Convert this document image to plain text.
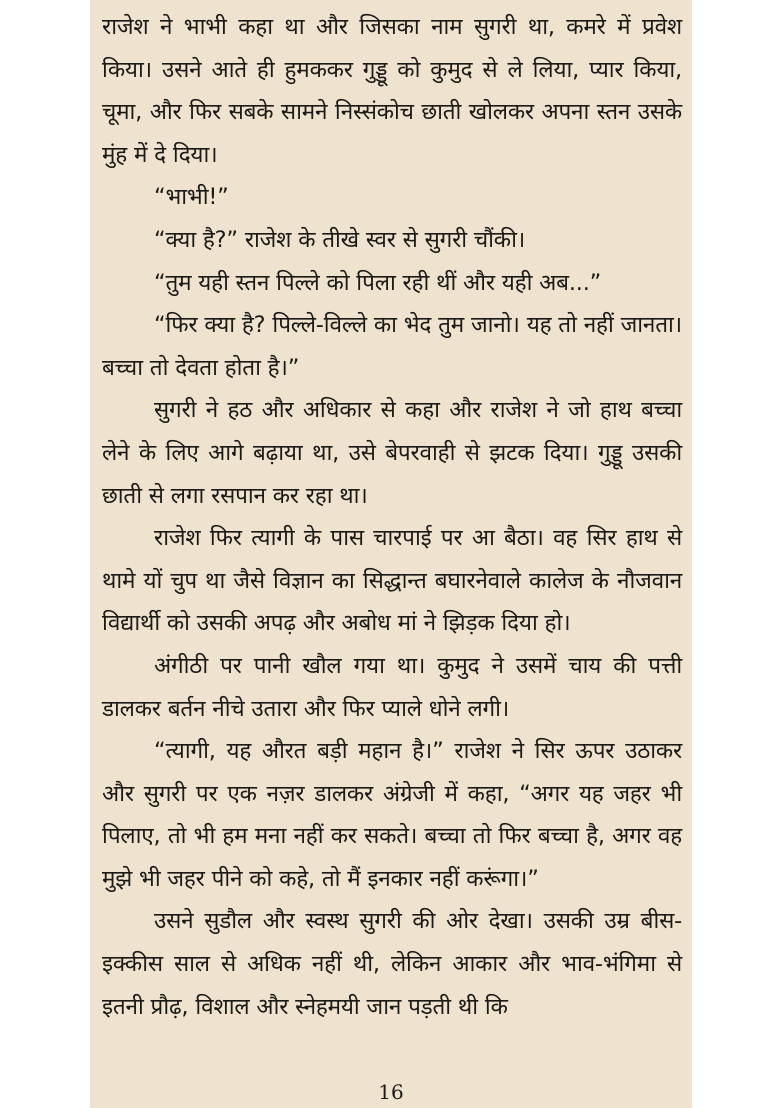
राजेश ने भाभी कहा था और जिसका नाम सुगरी था, कमरे में प्रवेश किया। उसने आते ही हुमककर गुड्डू को कुमुद से ले लिया, प्यार किया, चूमा, और फिर सबके सामने निस्संकोच छाती खोलकर अपना स्तन उसके मुंह में दे दिया।

“भाभी!”

“क्या है?” राजेश के तीखे स्वर से सुगरी चौंकी।

“तुम यही स्तन पिल्ले को पिला रही थीं और यही अब...”

“फिर क्या है? पिल्ले-विल्ले का भेद तुम जानो। यह तो नहीं जानता। बच्चा तो देवता होता है।”

सुगरी ने हठ और अधिकार से कहा और राजेश ने जो हाथ बच्चा लेने के लिए आगे बढ़ाया था, उसे बेपरवाही से झटक दिया। गुड्डू उसकी छाती से लगा रसपान कर रहा था।

राजेश फिर त्यागी के पास चारपाई पर आ बैठा। वह सिर हाथ से थामे यों चुप था जैसे विज्ञान का सिद्धान्त बघारनेवाले कालेज के नौजवान विद्यार्थी को उसकी अपढ़ और अबोध मां ने झिड़क दिया हो।

अंगीठी पर पानी खौल गया था। कुमुद ने उसमें चाय की पत्ती डालकर बर्तन नीचे उतारा और फिर प्याले धोने लगी।

“त्यागी, यह औरत बड़ी महान है।” राजेश ने सिर ऊपर उठाकर और सुगरी पर एक नज़र डालकर अंग्रेजी में कहा, “अगर यह जहर भी पिलाए, तो भी हम मना नहीं कर सकते। बच्चा तो फिर बच्चा है, अगर वह मुझे भी जहर पीने को कहे, तो मैं इनकार नहीं करूंगा।”

उसने सुडौल और स्वस्थ सुगरी की ओर देखा। उसकी उम्र बीस-इक्कीस साल से अधिक नहीं थी, लेकिन आकार और भाव-भंगिमा से इतनी प्रौढ़, विशाल और स्नेहमयी जान पड़ती थी कि

16
